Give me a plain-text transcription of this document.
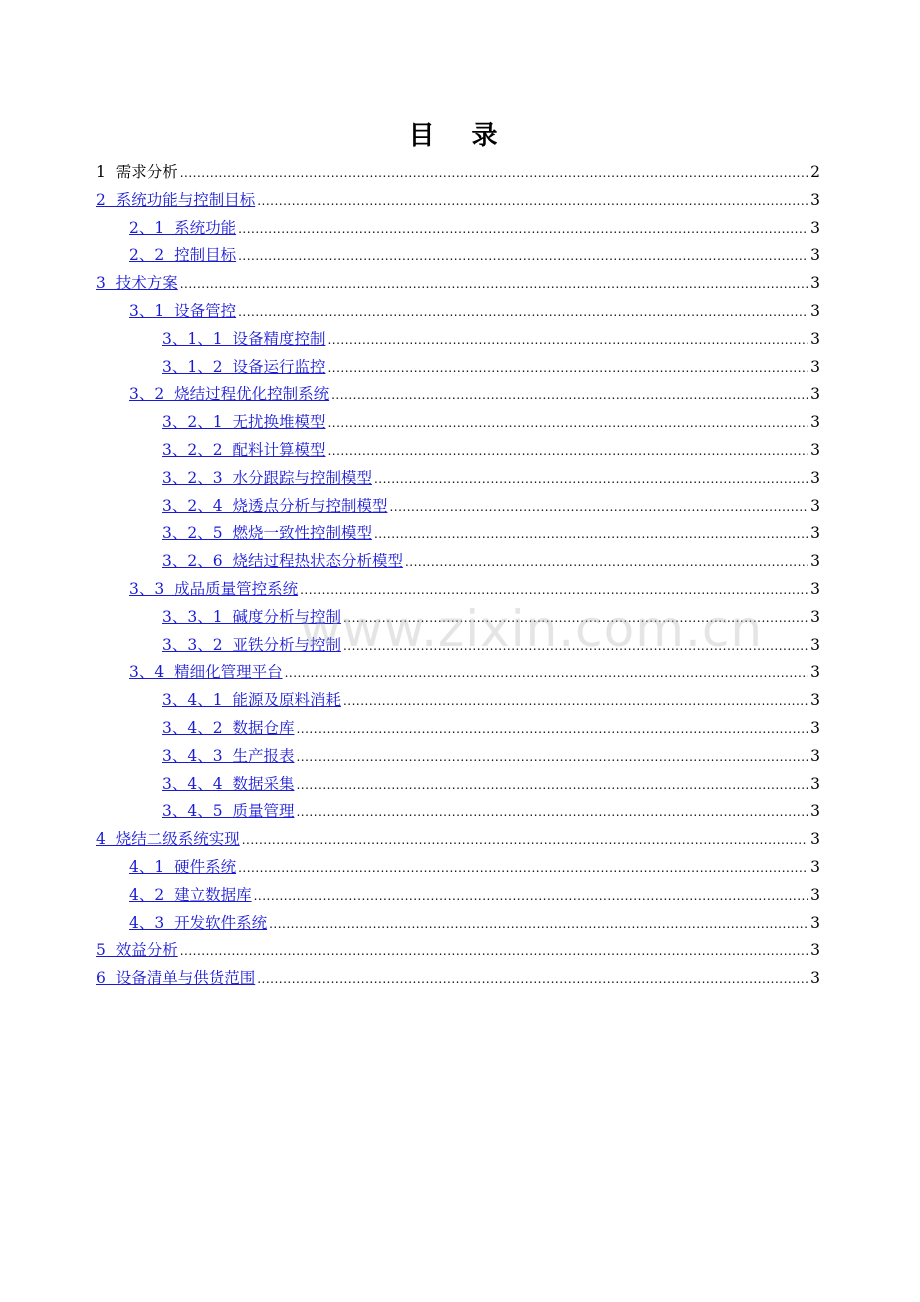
目 录
1  需求分析 .....	2
2  系统功能与控制目标 .....	3
2、1  系统功能 .....	3
2、2  控制目标 .....	3
3  技术方案 .....	3
3、1  设备管控 .....	3
3、1、1  设备精度控制 .....	3
3、1、2  设备运行监控 .....	3
3、2  烧结过程优化控制系统 .....	3
3、2、1  无扰换堆模型 .....	3
3、2、2  配料计算模型 .....	3
3、2、3  水分跟踪与控制模型 .....	3
3、2、4  烧透点分析与控制模型 .....	3
3、2、5  燃烧一致性控制模型 .....	3
3、2、6  烧结过程热状态分析模型 .....	3
3、3  成品质量管控系统 .....	3
3、3、1  碱度分析与控制 .....	3
3、3、2  亚铁分析与控制 .....	3
3、4  精细化管理平台 .....	3
3、4、1  能源及原料消耗 .....	3
3、4、2  数据仓库 .....	3
3、4、3  生产报表 .....	3
3、4、4  数据采集 .....	3
3、4、5  质量管理 .....	3
4  烧结二级系统实现 .....	3
4、1  硬件系统 .....	3
4、2  建立数据库 .....	3
4、3  开发软件系统 .....	3
5  效益分析 .....	3
6  设备清单与供货范围 .....	3
www.zixin.com.cn
